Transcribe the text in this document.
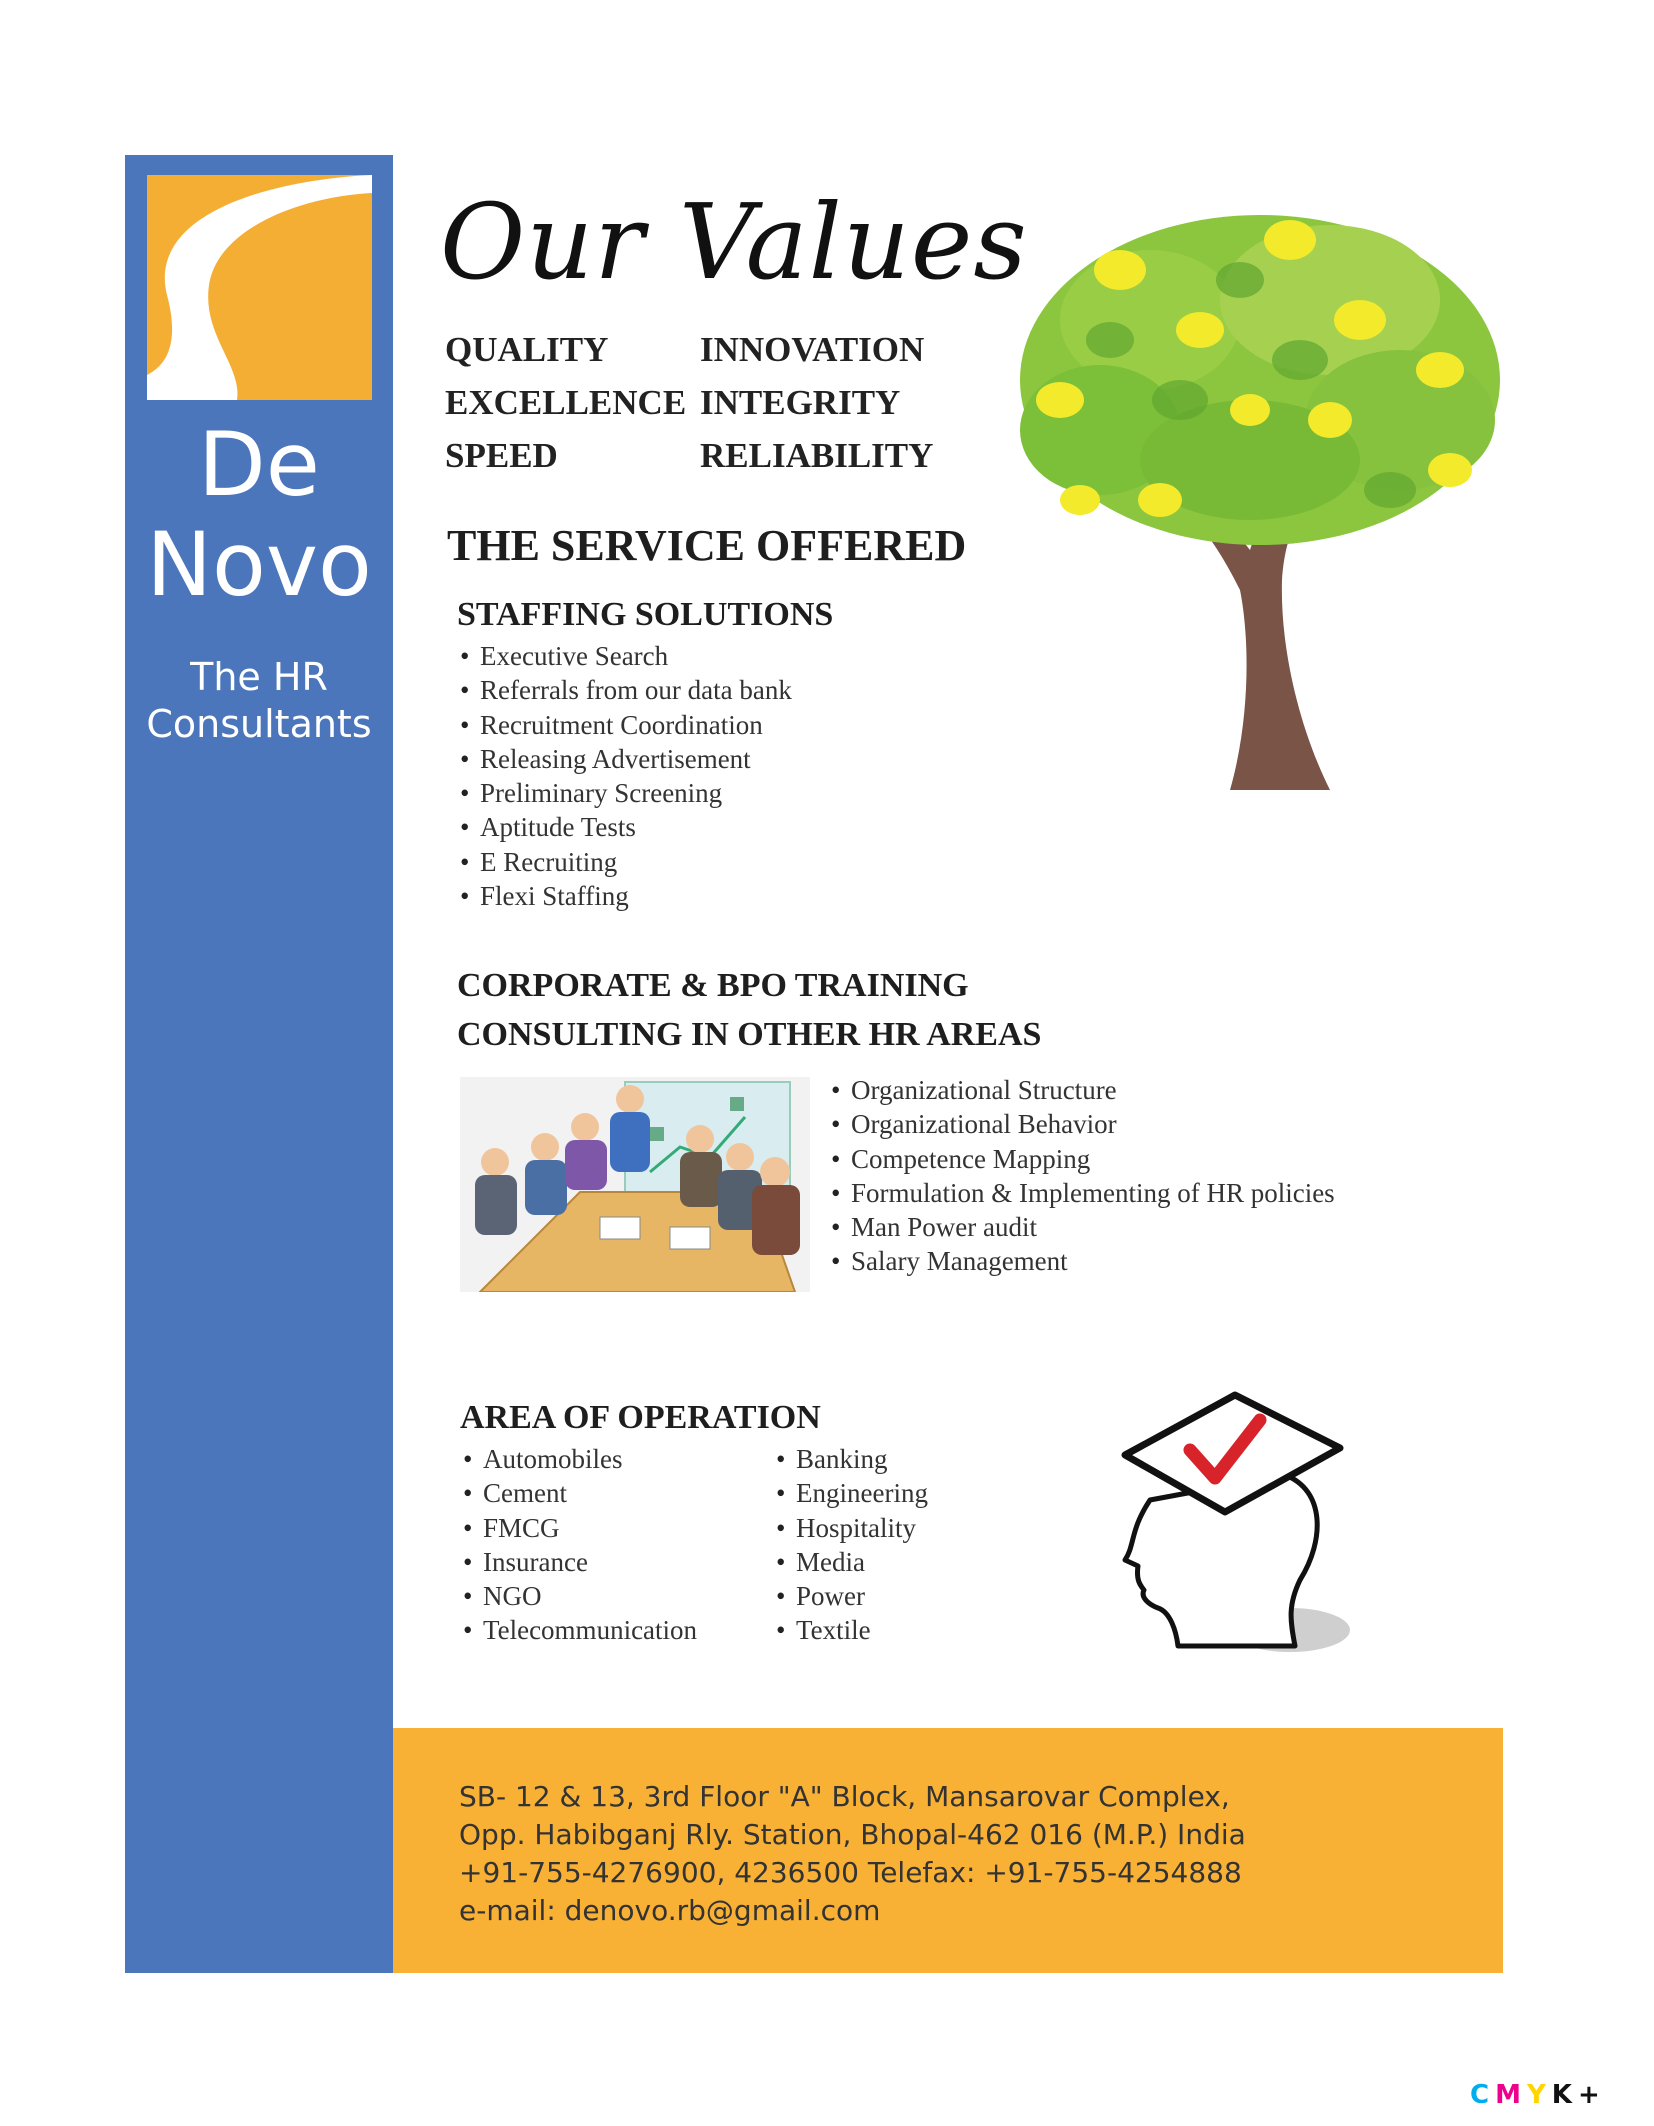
De
Novo
The HR
Consultants
Our Values
QUALITY
EXCELLENCE
SPEED
INNOVATION
INTEGRITY
RELIABILITY
THE SERVICE OFFERED
STAFFING SOLUTIONS
• Executive Search
• Referrals from our data bank
• Recruitment Coordination
• Releasing Advertisement
• Preliminary Screening
• Aptitude Tests
• E Recruiting
• Flexi Staffing
CORPORATE & BPO TRAINING
CONSULTING IN OTHER HR AREAS
• Organizational Structure
• Organizational Behavior
• Competence Mapping
• Formulation & Implementing of HR policies
• Man Power audit
• Salary Management
AREA OF OPERATION
• Automobiles
• Cement
• FMCG
• Insurance
• NGO
• Telecommunication
• Banking
• Engineering
• Hospitality
• Media
• Power
• Textile
SB- 12 & 13, 3rd Floor "A" Block, Mansarovar Complex,
Opp. Habibganj Rly. Station, Bhopal-462 016 (M.P.) India
+91-755-4276900, 4236500 Telefax: +91-755-4254888
e-mail: denovo.rb@gmail.com
CMYK+
